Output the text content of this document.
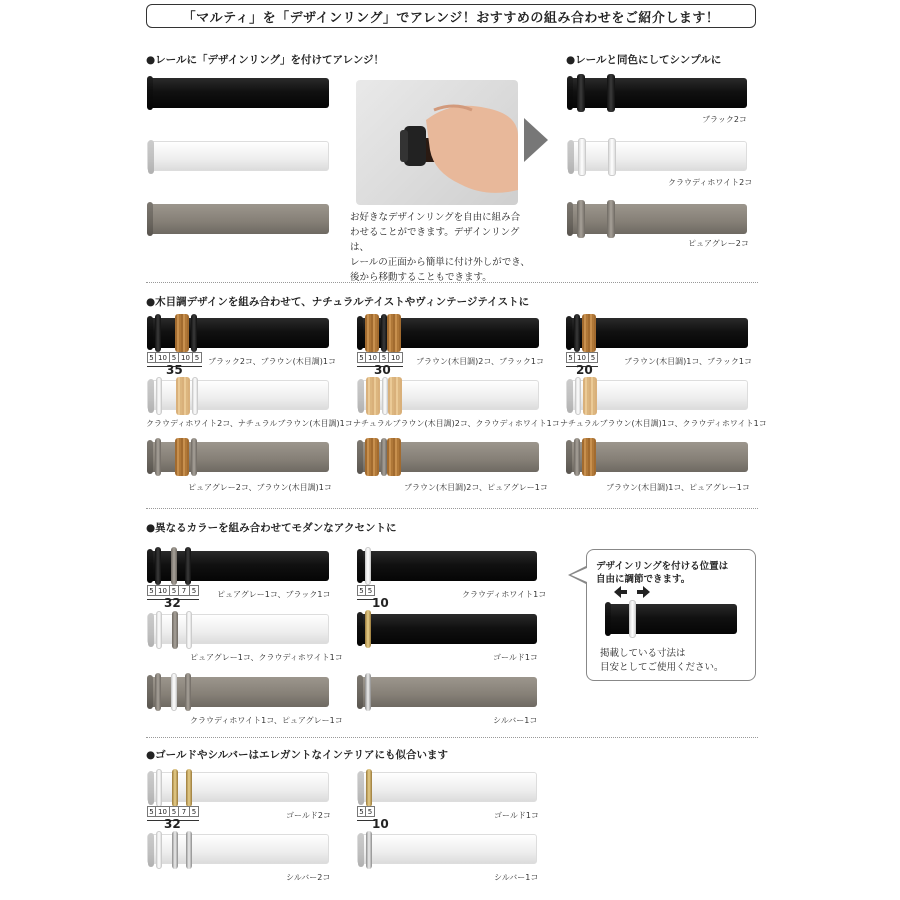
「マルティ」を「デザインリング」でアレンジ！おすすめの組み合わせをご紹介します！
●レールに「デザインリング」を付けてアレンジ！	●レールと同色にしてシンプルに
お好きなデザインリングを自由に組み合
わせることができます。デザインリングは、
レールの正面から簡単に付け外しができ、
後から移動することもできます。
ブラック2コ
クラウディホワイト2コ
ピュアグレー2コ
●木目調デザインを組み合わせて、ナチュラルテイストやヴィンテージテイストに
5 10 5 10 5
35
ブラック2コ、ブラウン(木目調)1コ
クラウディホワイト2コ、ナチュラルブラウン(木目調)1コ
ピュアグレー2コ、ブラウン(木目調)1コ
5 10 5 10
30
ブラウン(木目調)2コ、ブラック1コ
ナチュラルブラウン(木目調)2コ、クラウディホワイト1コ
ブラウン(木目調)2コ、ピュアグレー1コ
5 10 5
20
ブラウン(木目調)1コ、ブラック1コ
ナチュラルブラウン(木目調)1コ、クラウディホワイト1コ
ブラウン(木目調)1コ、ピュアグレー1コ
●異なるカラーを組み合わせてモダンなアクセントに
5 10 5 7 5
32
ピュアグレー1コ、ブラック1コ
ピュアグレー1コ、クラウディホワイト1コ
クラウディホワイト1コ、ピュアグレー1コ
5 5
10
クラウディホワイト1コ
ゴールド1コ
シルバー1コ
デザインリングを付ける位置は
自由に調節できます。
掲載している寸法は
目安としてご使用ください。
●ゴールドやシルバーはエレガントなインテリアにも似合います
5 10 5 7 5
32
ゴールド2コ
シルバー2コ
5 5
10
ゴールド1コ
シルバー1コ
